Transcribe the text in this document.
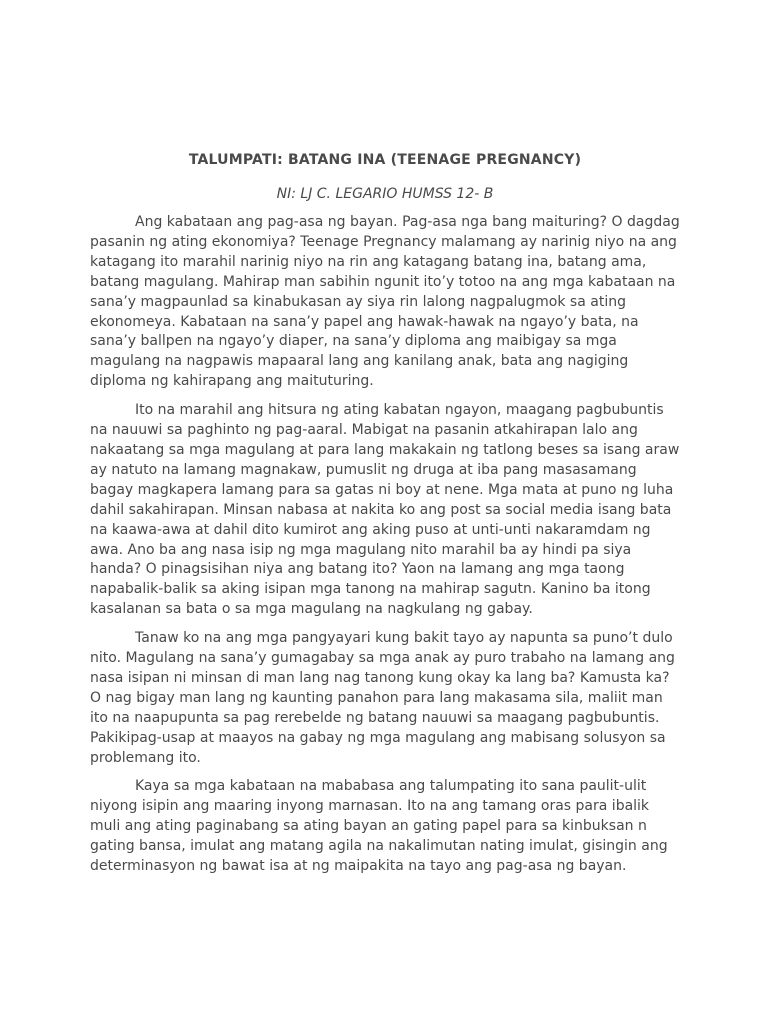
TALUMPATI: BATANG INA (TEENAGE PREGNANCY)
NI: LJ C. LEGARIO HUMSS 12- B
Ang kabataan ang pag-asa ng bayan. Pag-asa nga bang maituring? O dagdag pasanin ng ating ekonomiya? Teenage Pregnancy malamang ay narinig niyo na ang katagang ito marahil narinig niyo na rin ang katagang batang ina, batang ama, batang magulang. Mahirap man sabihin ngunit ito’y totoo na ang mga kabataan na sana’y magpaunlad sa kinabukasan ay siya rin lalong nagpalugmok sa ating ekonomeya. Kabataan na sana’y papel ang hawak-hawak na ngayo’y bata, na sana’y ballpen na ngayo’y diaper, na sana’y diploma ang maibigay sa mga magulang na nagpawis mapaaral lang ang kanilang anak, bata ang nagiging diploma ng kahirapang ang maituturing.
Ito na marahil ang hitsura ng ating kabatan ngayon, maagang pagbubuntis na nauuwi sa paghinto ng pag-aaral. Mabigat na pasanin atkahirapan lalo ang nakaatang sa mga magulang at para lang makakain ng tatlong beses sa isang araw ay natuto na lamang magnakaw, pumuslit ng druga at iba pang masasamang bagay magkapera lamang para sa gatas ni boy at nene. Mga mata at puno ng luha dahil sakahirapan. Minsan nabasa at nakita ko ang post sa social media isang bata na kaawa-awa at dahil dito kumirot ang aking puso at unti-unti nakaramdam ng awa. Ano ba ang nasa isip ng mga magulang nito marahil ba ay hindi pa siya handa? O pinagsisihan niya ang batang ito? Yaon na lamang ang mga taong napabalik-balik sa aking isipan mga tanong na mahirap sagutn. Kanino ba itong kasalanan sa bata o sa mga magulang na nagkulang ng gabay.
Tanaw ko na ang mga pangyayari kung bakit tayo ay napunta sa puno’t dulo nito. Magulang na sana’y gumagabay sa mga anak ay puro trabaho na lamang ang nasa isipan ni minsan di man lang nag tanong kung okay ka lang ba? Kamusta ka? O nag bigay man lang ng kaunting panahon para lang makasama sila, maliit man ito na naapupunta sa pag rerebelde ng batang nauuwi sa maagang pagbubuntis. Pakikipag-usap at maayos na gabay ng mga magulang ang mabisang solusyon sa problemang ito.
Kaya sa mga kabataan na mababasa ang talumpating ito sana paulit-ulit niyong isipin ang maaring inyong marnasan. Ito na ang tamang oras para ibalik muli ang ating paginabang sa ating bayan an gating papel para sa kinbuksan n gating bansa, imulat ang matang agila na nakalimutan nating imulat, gisingin ang determinasyon ng bawat isa at ng maipakita na tayo ang pag-asa ng bayan.
